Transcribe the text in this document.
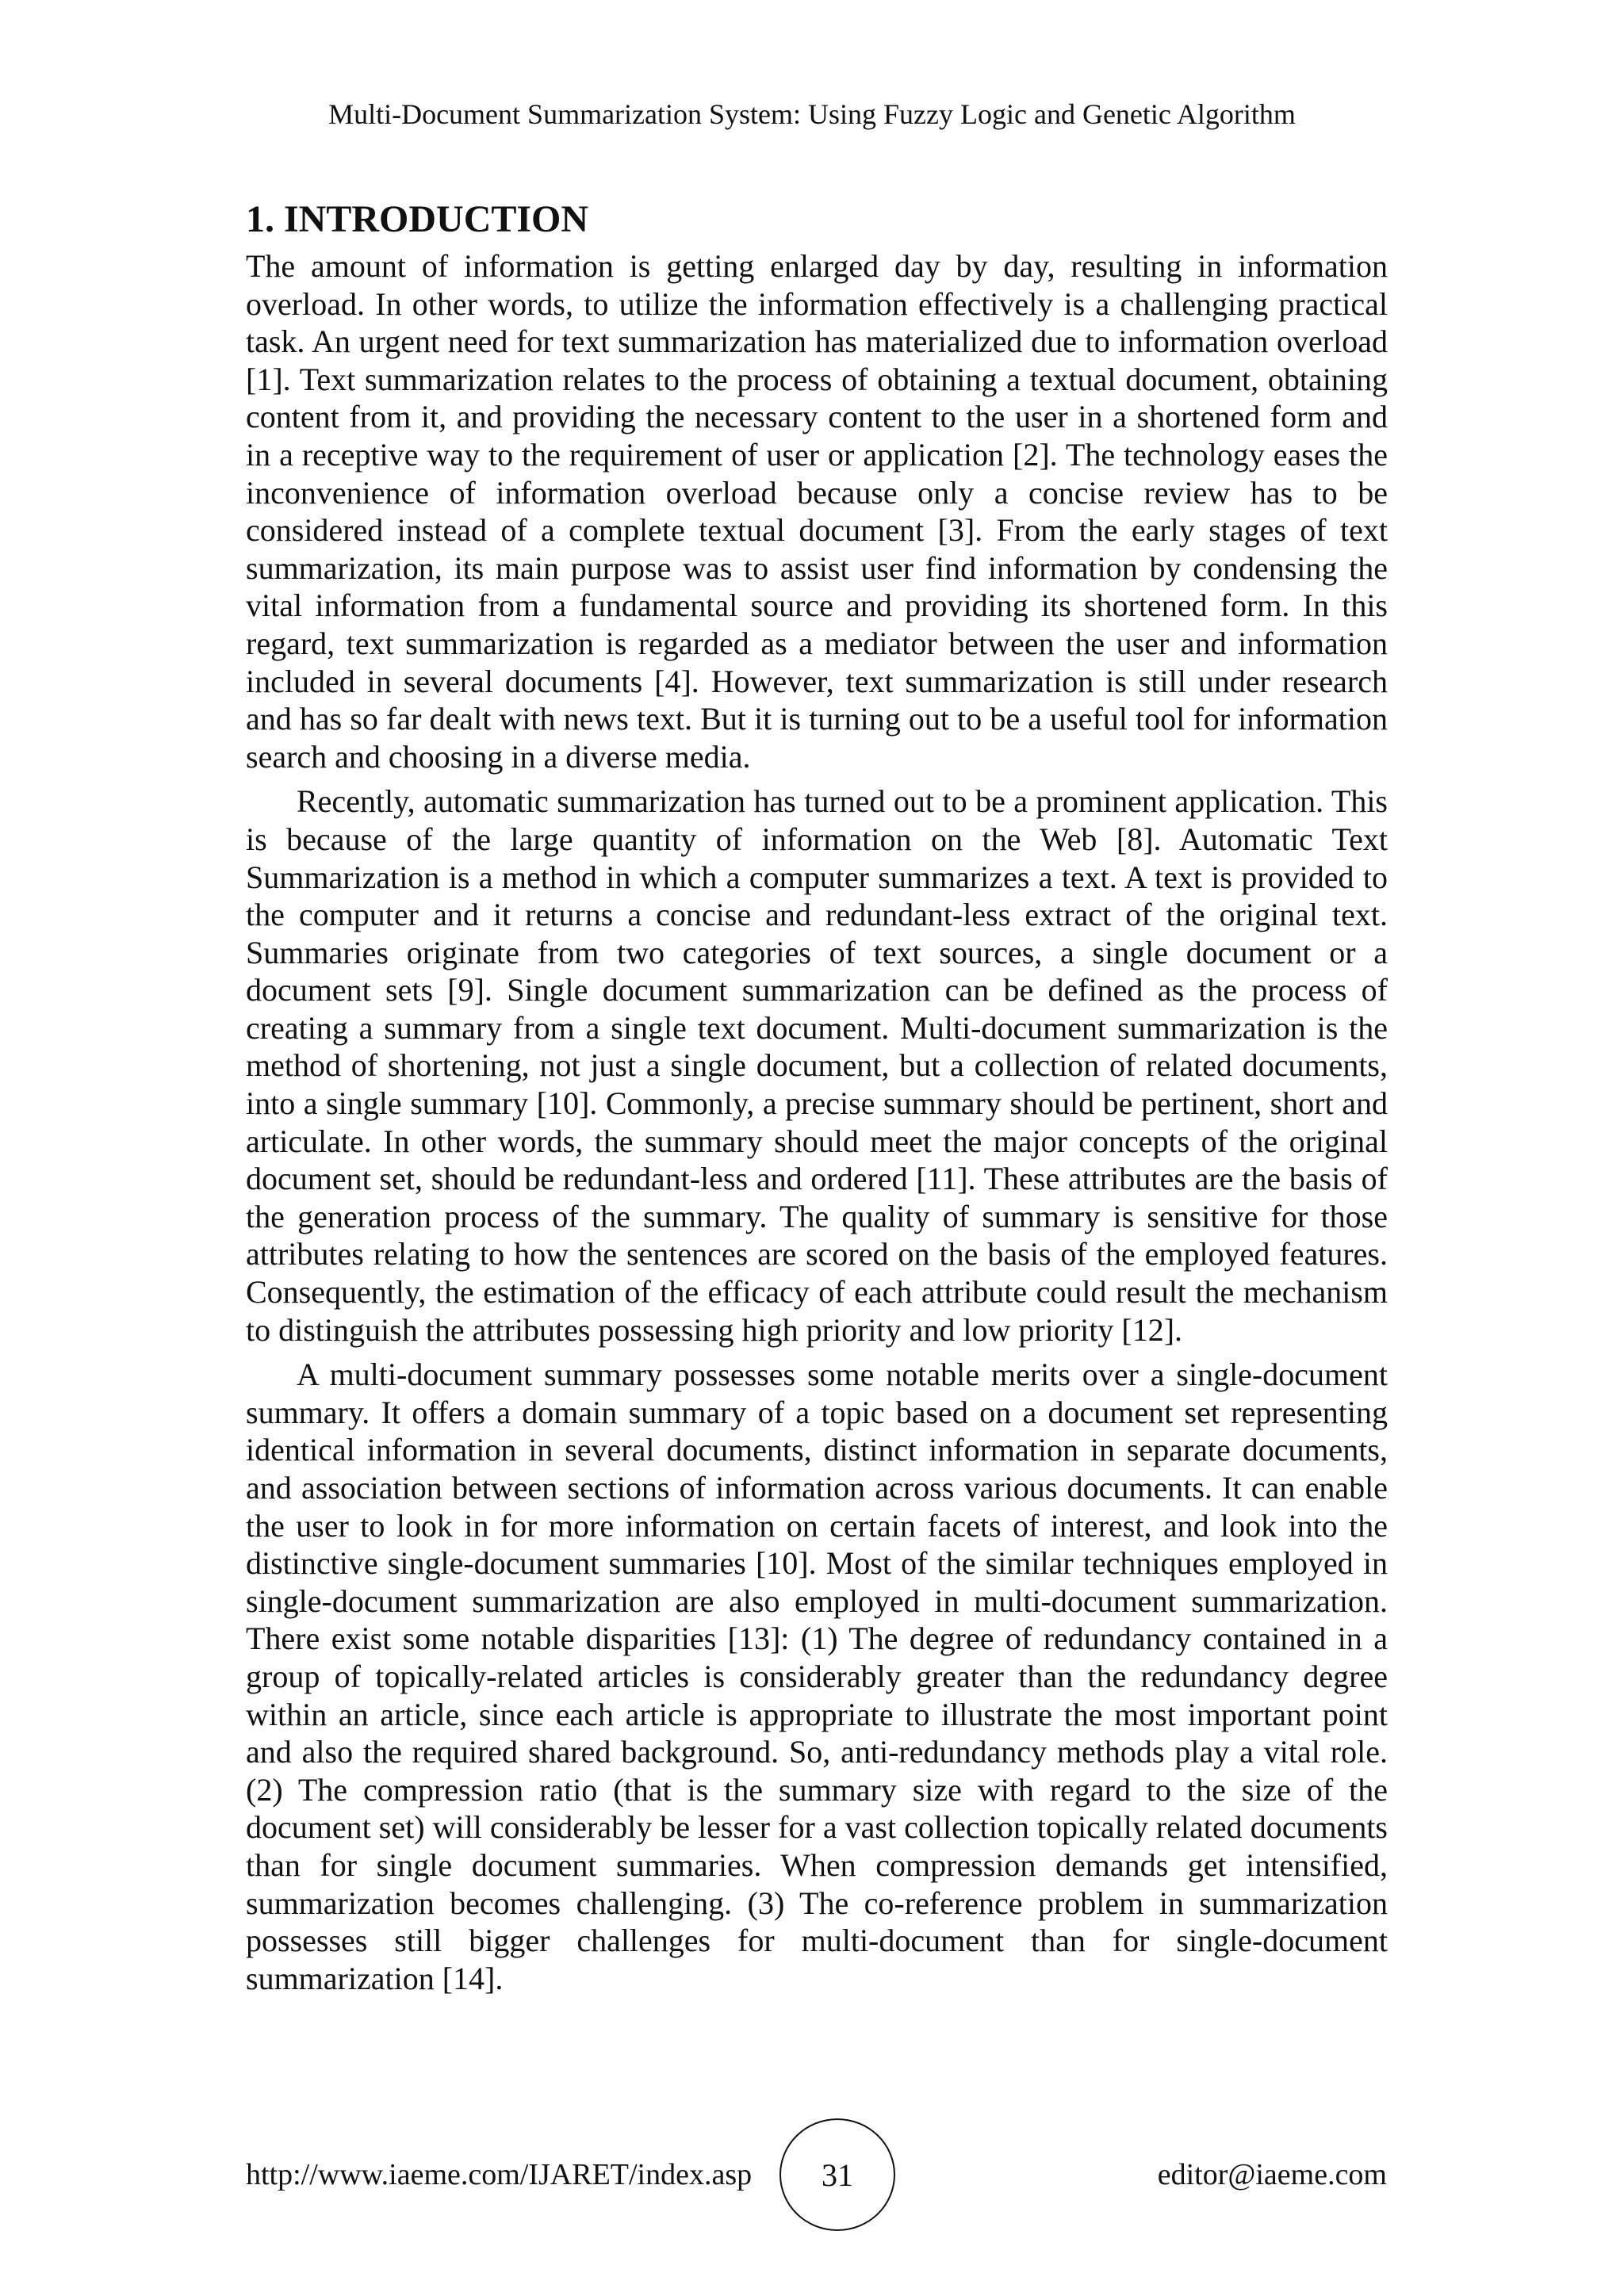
Multi-Document Summarization System: Using Fuzzy Logic and Genetic Algorithm
1. INTRODUCTION

The amount of information is getting enlarged day by day, resulting in information overload. In other words, to utilize the information effectively is a challenging practical task. An urgent need for text summarization has materialized due to information overload [1]. Text summarization relates to the process of obtaining a textual document, obtaining content from it, and providing the necessary content to the user in a shortened form and in a receptive way to the requirement of user or application [2]. The technology eases the inconvenience of information overload because only a concise review has to be considered instead of a complete textual document [3]. From the early stages of text summarization, its main purpose was to assist user find information by condensing the vital information from a fundamental source and providing its shortened form. In this regard, text summarization is regarded as a mediator between the user and information included in several documents [4]. However, text summarization is still under research and has so far dealt with news text. But it is turning out to be a useful tool for information search and choosing in a diverse media.

Recently, automatic summarization has turned out to be a prominent application. This is because of the large quantity of information on the Web [8]. Automatic Text Summarization is a method in which a computer summarizes a text. A text is provided to the computer and it returns a concise and redundant-less extract of the original text. Summaries originate from two categories of text sources, a single document or a document sets [9]. Single document summarization can be defined as the process of creating a summary from a single text document. Multi-document summarization is the method of shortening, not just a single document, but a collection of related documents, into a single summary [10]. Commonly, a precise summary should be pertinent, short and articulate. In other words, the summary should meet the major concepts of the original document set, should be redundant-less and ordered [11]. These attributes are the basis of the generation process of the summary. The quality of summary is sensitive for those attributes relating to how the sentences are scored on the basis of the employed features. Consequently, the estimation of the efficacy of each attribute could result the mechanism to distinguish the attributes possessing high priority and low priority [12].

A multi-document summary possesses some notable merits over a single-document summary. It offers a domain summary of a topic based on a document set representing identical information in several documents, distinct information in separate documents, and association between sections of information across various documents. It can enable the user to look in for more information on certain facets of interest, and look into the distinctive single-document summaries [10]. Most of the similar techniques employed in single-document summarization are also employed in multi-document summarization. There exist some notable disparities [13]: (1) The degree of redundancy contained in a group of topically-related articles is considerably greater than the redundancy degree within an article, since each article is appropriate to illustrate the most important point and also the required shared background. So, anti-redundancy methods play a vital role. (2) The compression ratio (that is the summary size with regard to the size of the document set) will considerably be lesser for a vast collection topically related documents than for single document summaries. When compression demands get intensified, summarization becomes challenging. (3) The co-reference problem in summarization possesses still bigger challenges for multi-document than for single-document summarization [14].

http://www.iaeme.com/IJARET/index.asp	31	editor@iaeme.com
